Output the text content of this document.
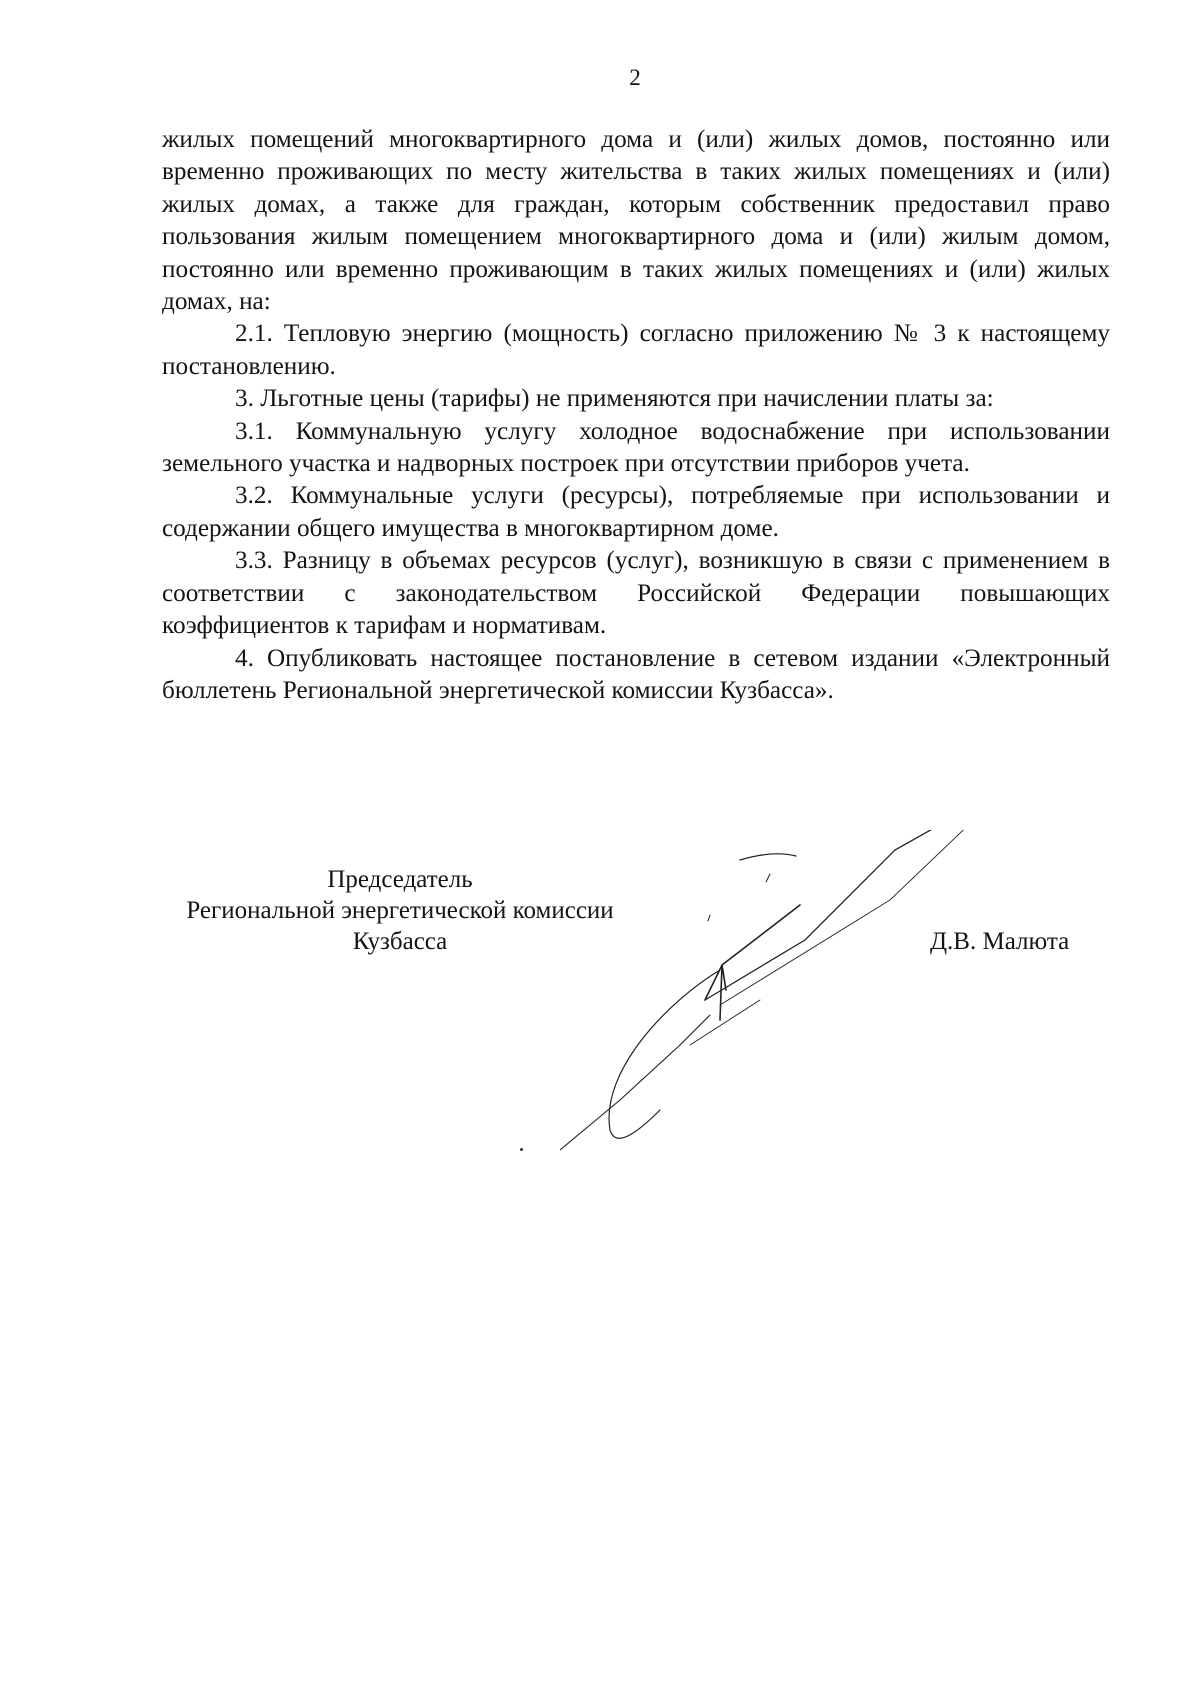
2

жилых помещений многоквартирного дома и (или) жилых домов, постоянно или временно проживающих по месту жительства в таких жилых помещениях и (или) жилых домах, а также для граждан, которым собственник предоставил право пользования жилым помещением многоквартирного дома и (или) жилым домом, постоянно или временно проживающим в таких жилых помещениях и (или) жилых домах, на:

2.1. Тепловую энергию (мощность) согласно приложению № 3 к настоящему постановлению.

3. Льготные цены (тарифы) не применяются при начислении платы за:

3.1. Коммунальную услугу холодное водоснабжение при использовании земельного участка и надворных построек при отсутствии приборов учета.

3.2. Коммунальные услуги (ресурсы), потребляемые при использовании и содержании общего имущества в многоквартирном доме.

3.3. Разницу в объемах ресурсов (услуг), возникшую в связи с применением в соответствии с законодательством Российской Федерации повышающих коэффициентов к тарифам и нормативам.

4. Опубликовать настоящее постановление в сетевом издании «Электронный бюллетень Региональной энергетической комиссии Кузбасса».

Председатель
Региональной энергетической комиссии
Кузбасса	Д.В. Малюта
